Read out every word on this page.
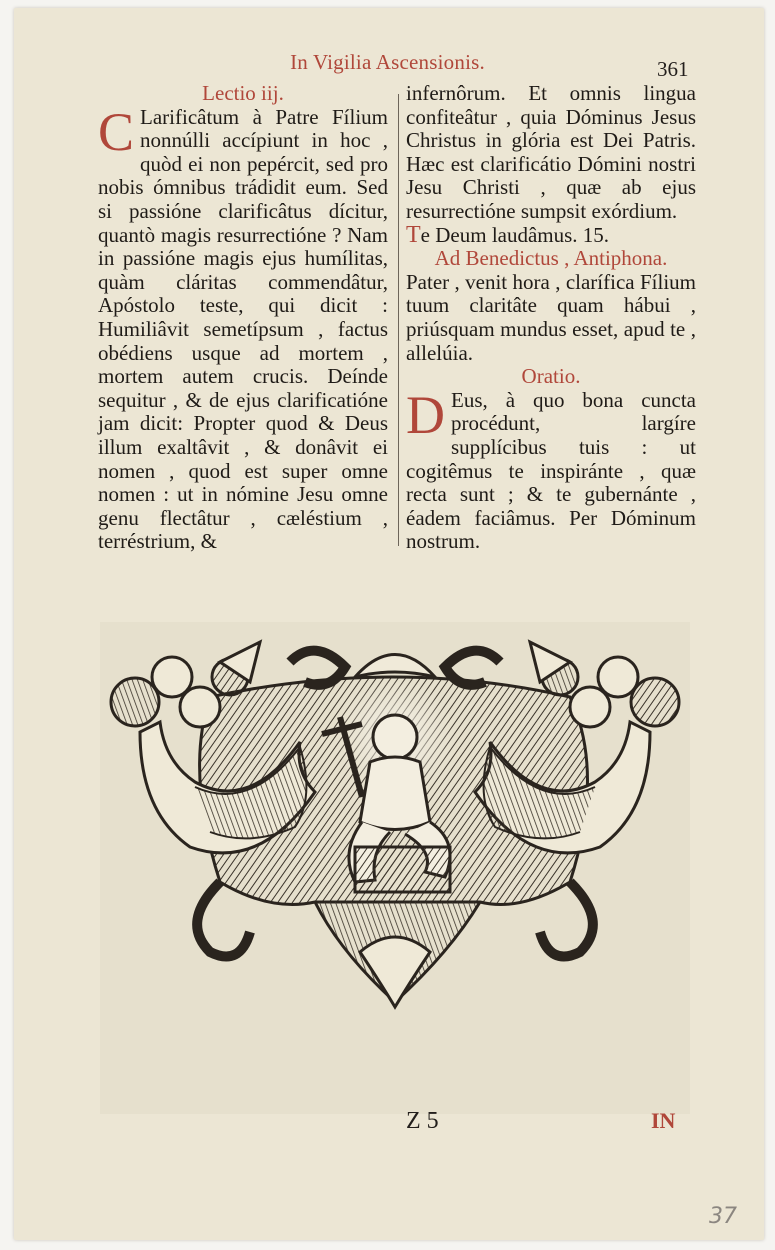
In Vigilia Ascensionis.	361
Lectio iij.
C Larificâtum à Patre Fílium nonnúlli accípiunt in hoc , quòd ei non pepércit, sed pro nobis ómnibus trádidit eum. Sed si passióne clarificâtus dícitur, quantò magis resurrectióne ? Nam in passióne magis ejus humílitas, quàm cláritas commendâtur, Apóstolo teste, qui dicit : Humiliâvit semetípsum , factus obédiens usque ad mortem , mortem autem crucis. Deínde sequitur , & de ejus clarificatióne jam dicit: Propter quod & Deus illum exaltâvit , & donâvit ei nomen , quod est super omne nomen : ut in nómine Jesu omne genu flectâtur , cæléstium , terréstrium, &
infernôrum. Et omnis lingua confiteâtur , quia Dóminus Jesus Christus in glória est Dei Patris. Hæc est clarificátio Dómini nostri Jesu Christi , quæ ab ejus resurrectióne sumpsit exórdium.
Te Deum laudâmus. 15.
Ad Benedictus , Antiphona.
Pater , venit hora , clarífica Fílium tuum claritâte quam hábui , priúsquam mundus esset, apud te , allelúia.
Oratio.
D Eus, à quo bona cuncta procédunt, largíre supplícibus tuis : ut cogitêmus te inspiránte , quæ recta sunt ; & te gubernánte , éadem faciâmus. Per Dóminum nostrum.
Z 5	IN
37
